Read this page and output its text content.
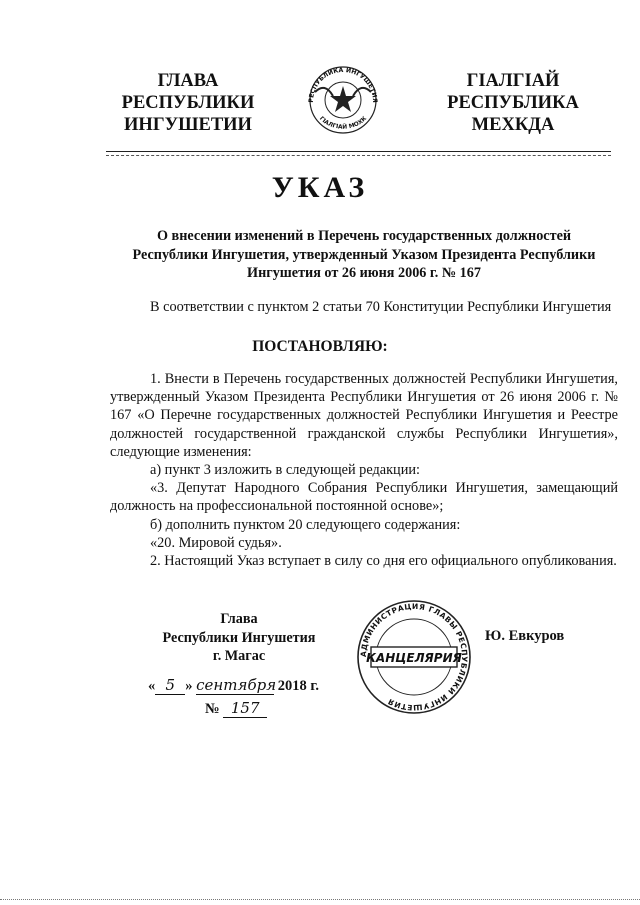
ГЛАВА
РЕСПУБЛИКИ
ИНГУШЕТИИ
РЕСПУБЛИКА ИНГУШЕТИЯ
ГIАЛГIАЙ МОХК
ГIАЛГIАЙ
РЕСПУБЛИКА
МЕХКДА
УКАЗ
О внесении изменений в Перечень государственных должностей
Республики Ингушетия, утвержденный Указом Президента Республики
Ингушетия от 26 июня 2006 г. № 167
В соответствии с пунктом 2 статьи 70 Конституции Республики Ингушетия
ПОСТАНОВЛЯЮ:

1. Внести в Перечень государственных должностей Республики Ингушетия, утвержденный Указом Президента Республики Ингушетия от 26 июня 2006 г. № 167 «О Перечне государственных должностей Республики Ингушетия и Реестре должностей государственной гражданской службы Республики Ингушетия», следующие изменения:

а) пункт 3 изложить в следующей редакции:

«3. Депутат Народного Собрания Республики Ингушетия, замещающий должность на профессиональной постоянной основе»;

б) дополнить пунктом 20 следующего содержания:

«20. Мировой судья».

2. Настоящий Указ вступает в силу со дня его официального опубликования.

Глава
Республики Ингушетия
г. Магас
« 5 » сентября 2018 г.
№ 157
АДМИНИСТРАЦИЯ ГЛАВЫ РЕСПУБЛИКИ ИНГУШЕТИЯ
КАНЦЕЛЯРИЯ
Ю. Евкуров
